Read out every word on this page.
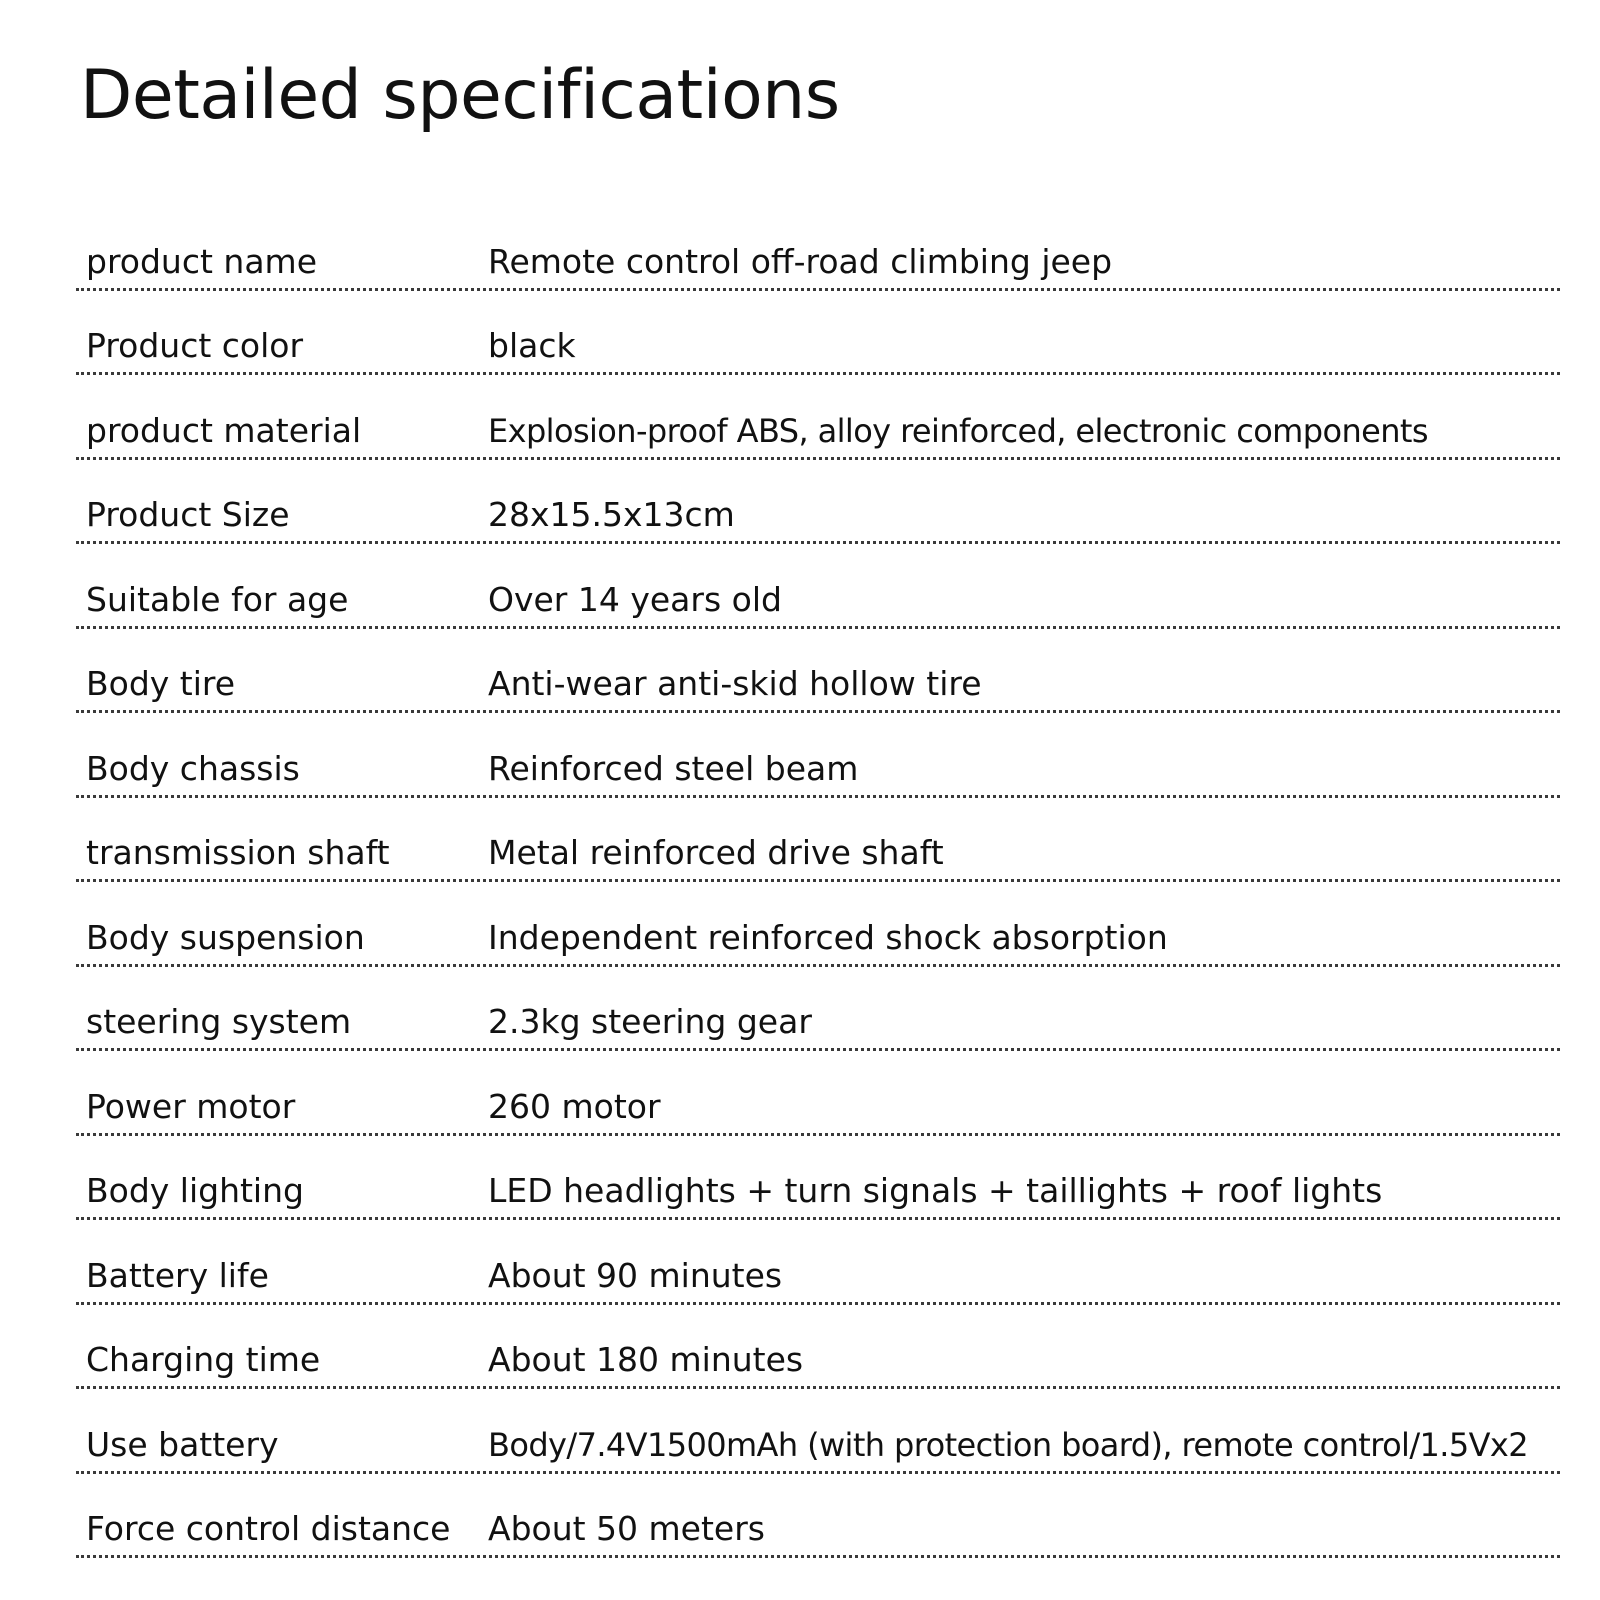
Detailed specifications
product name	Remote control off-road climbing jeep
Product color	black
product material	Explosion-proof ABS, alloy reinforced, electronic components
Product Size	28x15.5x13cm
Suitable for age	Over 14 years old
Body tire	Anti-wear anti-skid hollow tire
Body chassis	Reinforced steel beam
transmission shaft	Metal reinforced drive shaft
Body suspension	Independent reinforced shock absorption
steering system	2.3kg steering gear
Power motor	260 motor
Body lighting	LED headlights + turn signals + taillights + roof lights
Battery life	About 90 minutes
Charging time	About 180 minutes
Use battery	Body/7.4V1500mAh (with protection board), remote control/1.5Vx2
Force control distance About 50 meters
